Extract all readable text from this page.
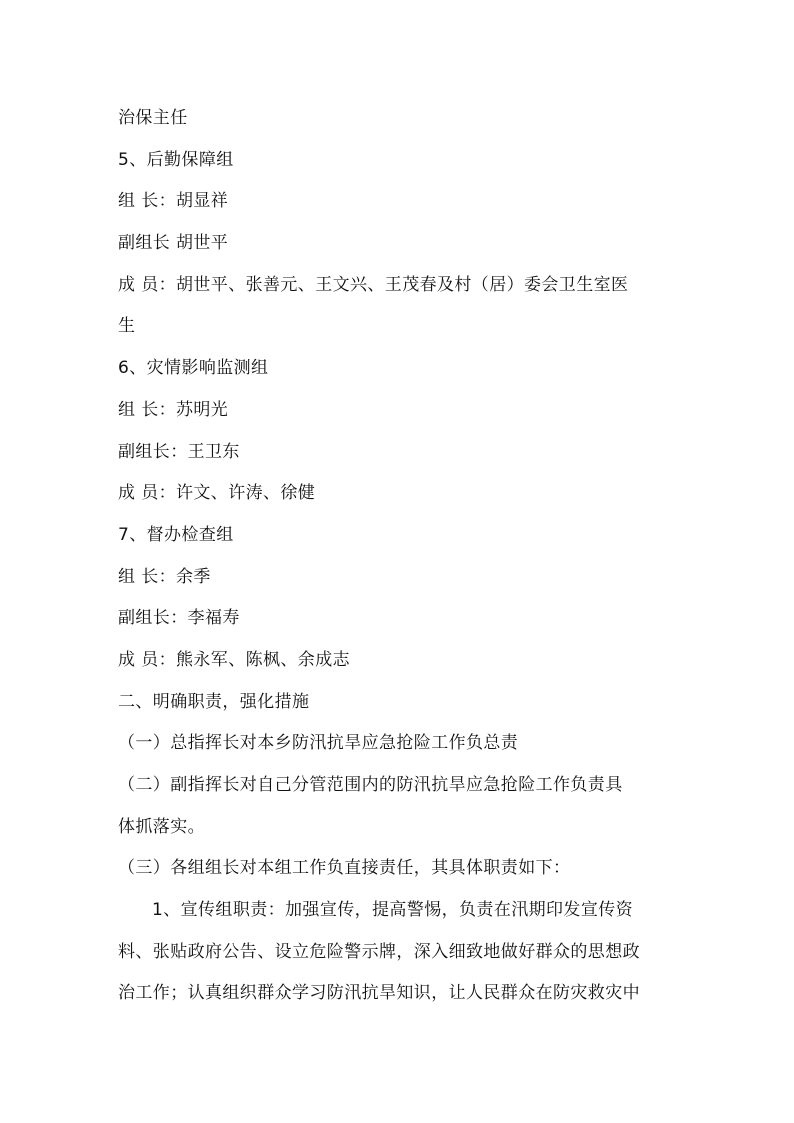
治保主任
5、后勤保障组
组 长：胡显祥
副组长 胡世平
成 员：胡世平、张善元、王文兴、王茂春及村（居）委会卫生室医
生
6、灾情影响监测组
组 长：苏明光
副组长：王卫东
成 员：许文、许涛、徐健
7、督办检查组
组 长：余季
副组长：李福寿
成 员：熊永军、陈枫、余成志
二、明确职责，强化措施
（一）总指挥长对本乡防汛抗旱应急抢险工作负总责
（二）副指挥长对自己分管范围内的防汛抗旱应急抢险工作负责具
体抓落实。
（三）各组组长对本组工作负直接责任，其具体职责如下：
1、宣传组职责：加强宣传，提高警惕，负责在汛期印发宣传资
料、张贴政府公告、设立危险警示牌，深入细致地做好群众的思想政
治工作；认真组织群众学习防汛抗旱知识，让人民群众在防灾救灾中
